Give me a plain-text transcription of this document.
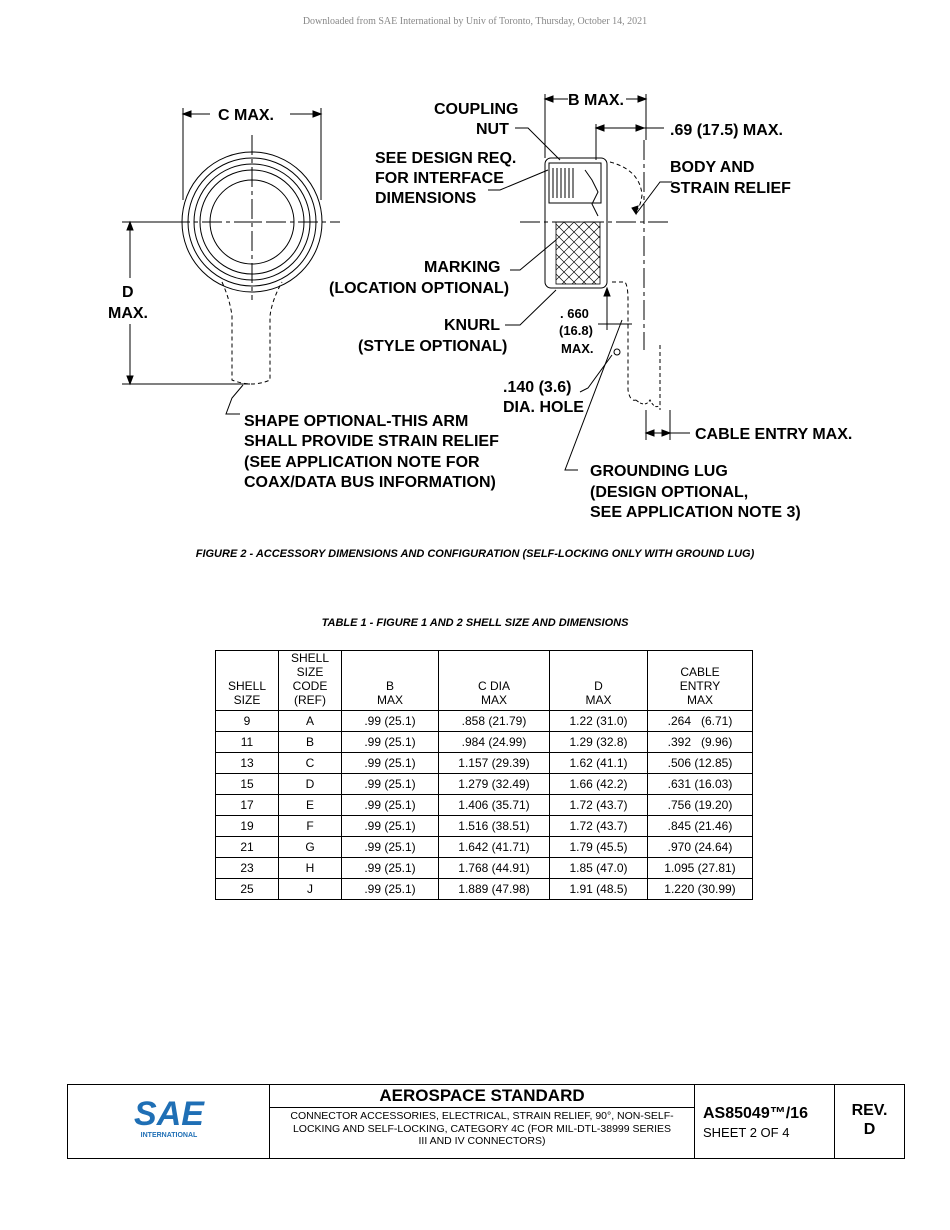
Downloaded from SAE International by Univ of Toronto, Thursday, October 14, 2021
C MAX.
D
MAX.
COUPLING
NUT
B MAX.
.69 (17.5) MAX.
SEE DESIGN REQ.
FOR INTERFACE
DIMENSIONS
BODY AND
STRAIN RELIEF
MARKING
(LOCATION OPTIONAL)
KNURL
(STYLE OPTIONAL)
. 660
(16.8)
MAX.
.140 (3.6)
DIA. HOLE
SHAPE OPTIONAL-THIS ARM
SHALL PROVIDE STRAIN RELIEF
(SEE APPLICATION NOTE FOR
COAX/DATA BUS INFORMATION)
CABLE ENTRY MAX.
GROUNDING LUG
(DESIGN OPTIONAL,
SEE APPLICATION NOTE 3)
FIGURE 2 - ACCESSORY DIMENSIONS AND CONFIGURATION (SELF-LOCKING ONLY WITH GROUND LUG)
TABLE 1 - FIGURE 1 AND 2 SHELL SIZE AND DIMENSIONS
SHELL
SIZE	SHELL
SIZE
CODE
(REF)	B
MAX	C DIA
MAX	D
MAX	CABLE
ENTRY
MAX
9	A	.99 (25.1)	.858 (21.79)	1.22 (31.0)	.264   (6.71)
11	B	.99 (25.1)	.984 (24.99)	1.29 (32.8)	.392   (9.96)
13	C	.99 (25.1)	1.157 (29.39)	1.62 (41.1)	.506 (12.85)
15	D	.99 (25.1)	1.279 (32.49)	1.66 (42.2)	.631 (16.03)
17	E	.99 (25.1)	1.406 (35.71)	1.72 (43.7)	.756 (19.20)
19	F	.99 (25.1)	1.516 (38.51)	1.72 (43.7)	.845 (21.46)
21	G	.99 (25.1)	1.642 (41.71)	1.79 (45.5)	.970 (24.64)
23	H	.99 (25.1)	1.768 (44.91)	1.85 (47.0)	1.095 (27.81)
25	J	.99 (25.1)	1.889 (47.98)	1.91 (48.5)	1.220 (30.99)
SAE
INTERNATIONAL
AEROSPACE STANDARD
CONNECTOR ACCESSORIES, ELECTRICAL, STRAIN RELIEF, 90°, NON-SELF-LOCKING AND SELF-LOCKING, CATEGORY 4C (FOR MIL-DTL-38999 SERIES III AND IV CONNECTORS)
AS85049™/16
SHEET 2 OF 4
REV.
D
